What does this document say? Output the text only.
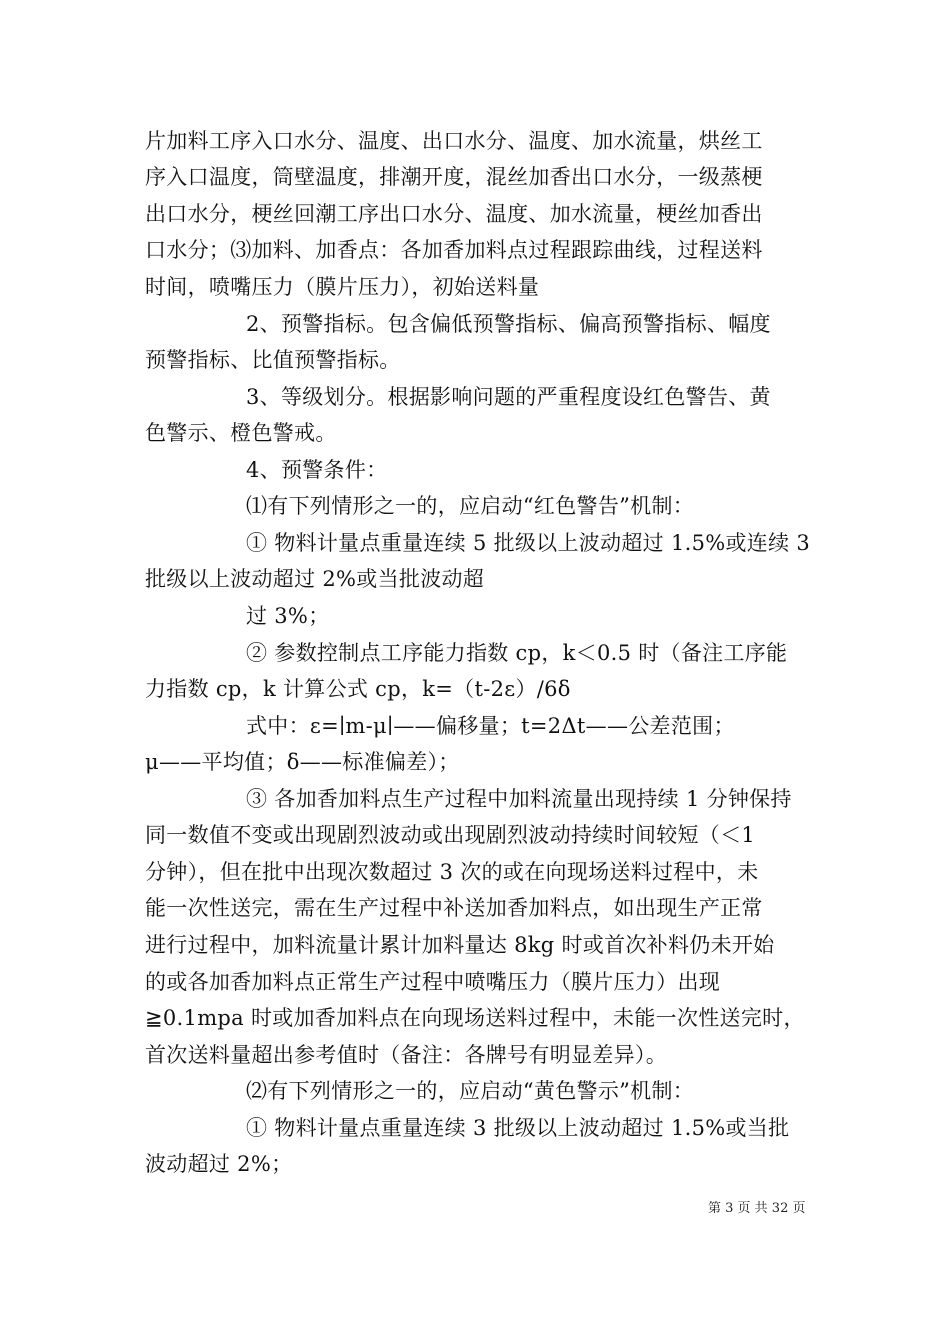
片加料工序入口水分、温度、出口水分、温度、加水流量，烘丝工
序入口温度，筒壁温度，排潮开度，混丝加香出口水分，一级蒸梗
出口水分，梗丝回潮工序出口水分、温度、加水流量，梗丝加香出
口水分；⑶加料、加香点：各加香加料点过程跟踪曲线，过程送料
时间，喷嘴压力（膜片压力），初始送料量
2、预警指标。包含偏低预警指标、偏高预警指标、幅度
预警指标、比值预警指标。
3、等级划分。根据影响问题的严重程度设红色警告、黄
色警示、橙色警戒。
4、预警条件：
⑴有下列情形之一的，应启动“红色警告”机制：
① 物料计量点重量连续 5 批级以上波动超过 1.5%或连续 3
批级以上波动超过 2%或当批波动超
过 3%；
② 参数控制点工序能力指数 cp，k＜0.5 时（备注工序能
力指数 cp，k 计算公式 cp，k=（t-2ε）/6δ
式中：ε=∣m-μ∣——偏移量；t=2Δt——公差范围；
μ——平均值；δ——标准偏差）；
③ 各加香加料点生产过程中加料流量出现持续 1 分钟保持
同一数值不变或出现剧烈波动或出现剧烈波动持续时间较短（＜1
分钟），但在批中出现次数超过 3 次的或在向现场送料过程中，未
能一次性送完，需在生产过程中补送加香加料点，如出现生产正常
进行过程中，加料流量计累计加料量达 8kg 时或首次补料仍未开始
的或各加香加料点正常生产过程中喷嘴压力（膜片压力）出现
≧0.1mpa 时或加香加料点在向现场送料过程中，未能一次性送完时，
首次送料量超出参考值时（备注：各牌号有明显差异）。
⑵有下列情形之一的，应启动“黄色警示”机制：
① 物料计量点重量连续 3 批级以上波动超过 1.5%或当批
波动超过 2%；
第 3 页 共 32 页
